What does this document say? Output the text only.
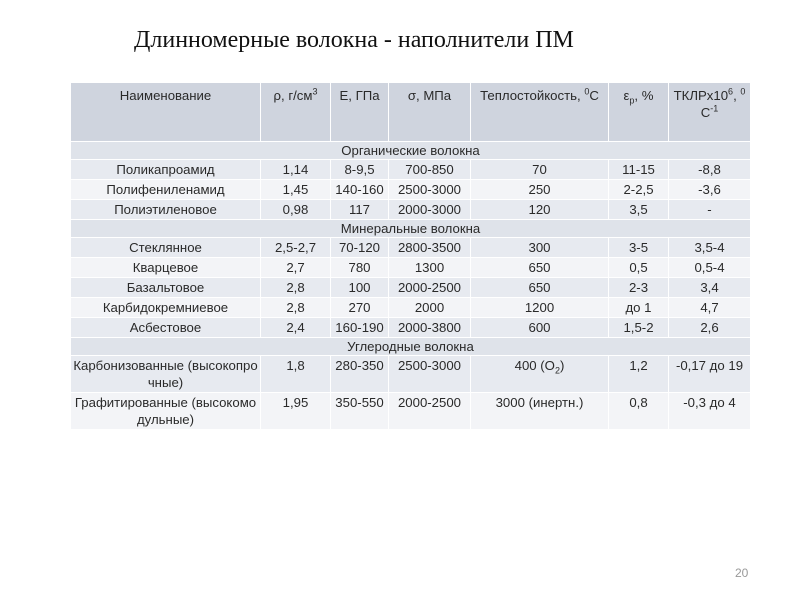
Длинномерные волокна - наполнители ПМ
Наименование	ρ, $г/см^3$	Е, ГПа	σ, МПа	Теплостойкость, $^0$С	$\varepsilon_p$, %	$ТКЛРх10^6$, $^0С^{-1}$
Органические волокна						
Поликапроамид	1,14	8-9,5	700-850	70	11-15	-8,8
Полифениленамид	1,45	140-160	2500-3000	250	2-2,5	-3,6
Полиэтиленовое	0,98	117	2000-3000	120	3,5	-
Минеральные волокна						
Стеклянное	2,5-2,7	70-120	2800-3500	300	3-5	3,5-4
Кварцевое	2,7	780	1300	650	0,5	0,5-4
Базальтовое	2,8	100	2000-2500	650	2-3	3,4
Карбидокремниевое	2,8	270	2000	1200	до 1	4,7
Асбестовое	2,4	160-190	2000-3800	600	1,5-2	2,6
Углеродные волокна						
Карбонизованные (высокопрочные)	1,8	280-350	2500-3000	400 $(О_2)$	1,2	-0,17 до 19
Графитированные (высокомодульные)	1,95	350-550	2000-2500	3000 (инертн.)	0,8	-0,3 до 4
20
